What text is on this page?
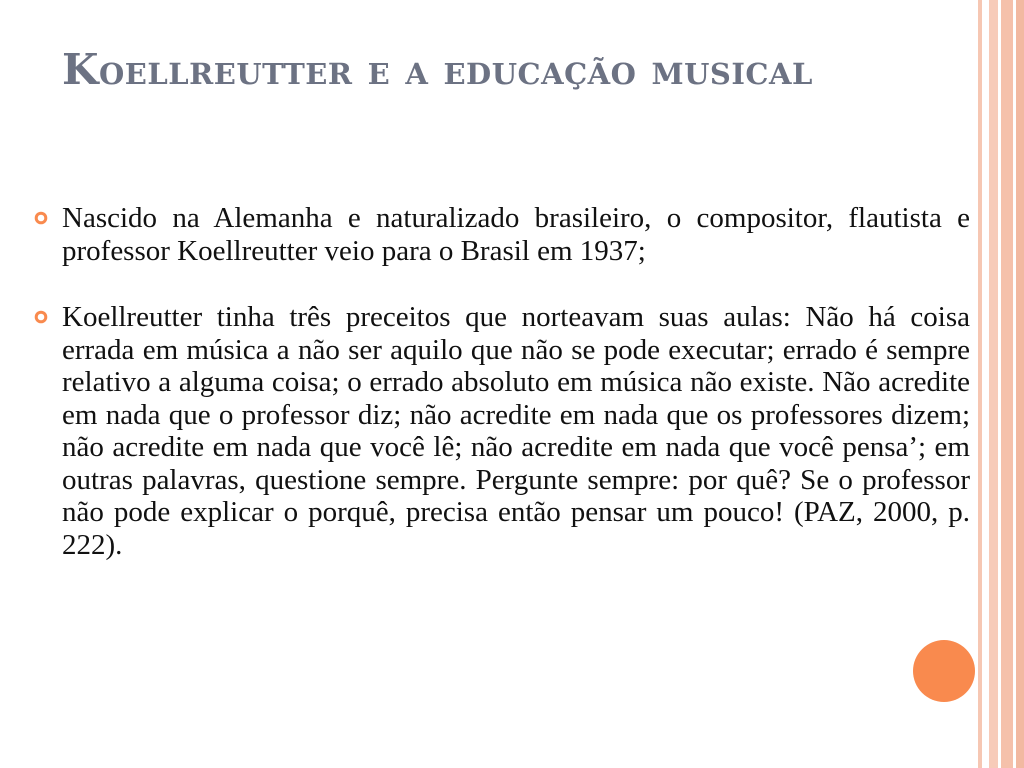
Koellreutter e a educação musical
Nascido na Alemanha e naturalizado brasileiro, o compositor, flautista e professor Koellreutter veio para o Brasil em 1937;
Koellreutter tinha três preceitos que norteavam suas aulas: Não há coisa errada em música a não ser aquilo que não se pode executar; errado é sempre relativo a alguma coisa; o errado absoluto em música não existe. Não acredite em nada que o professor diz; não acredite em nada que os professores dizem; não acredite em nada que você lê; não acredite em nada que você pensa’; em outras palavras, questione sempre. Pergunte sempre: por quê? Se o professor não pode explicar o porquê, precisa então pensar um pouco! (PAZ, 2000, p. 222).
